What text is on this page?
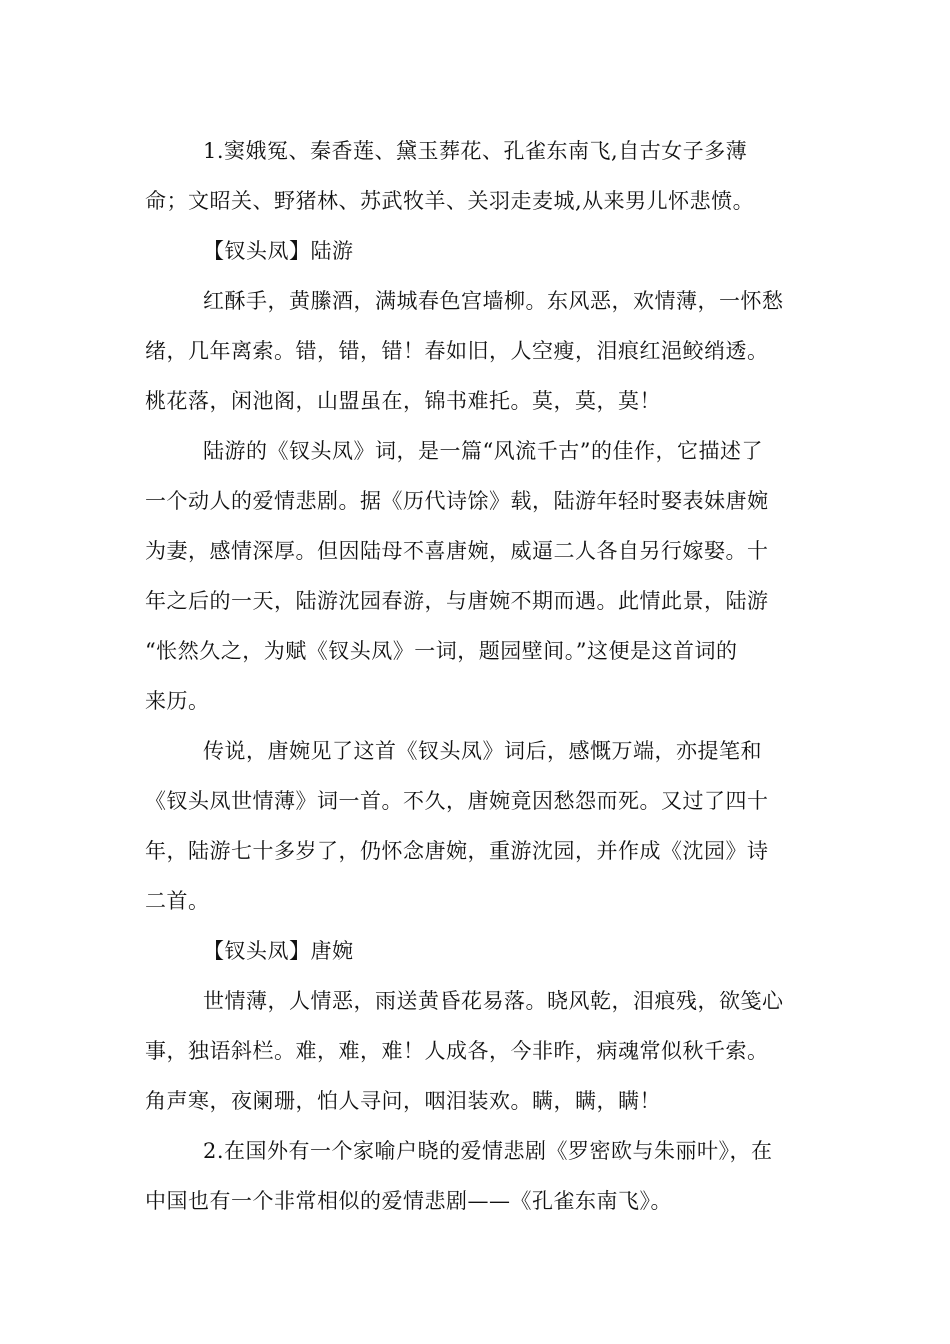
1.窦娥冤、秦香莲、黛玉葬花、孔雀东南飞,自古女子多薄
命；文昭关、野猪林、苏武牧羊、关羽走麦城,从来男儿怀悲愤。
【钗头凤】陆游
红酥手，黄縢酒，满城春色宫墙柳。东风恶，欢情薄，一怀愁
绪，几年离索。错，错，错！春如旧，人空瘦，泪痕红浥鲛绡透。
桃花落，闲池阁，山盟虽在，锦书难托。莫，莫，莫！
陆游的《钗头凤》词，是一篇“风流千古”的佳作，它描述了
一个动人的爱情悲剧。据《历代诗馀》载，陆游年轻时娶表妹唐婉
为妻，感情深厚。但因陆母不喜唐婉，威逼二人各自另行嫁娶。十
年之后的一天，陆游沈园春游，与唐婉不期而遇。此情此景，陆游
“怅然久之，为赋《钗头凤》一词，题园壁间。”这便是这首词的
来历。
传说，唐婉见了这首《钗头凤》词后，感慨万端，亦提笔和
《钗头凤世情薄》词一首。不久，唐婉竟因愁怨而死。又过了四十
年，陆游七十多岁了，仍怀念唐婉，重游沈园，并作成《沈园》诗
二首。
【钗头凤】唐婉
世情薄，人情恶，雨送黄昏花易落。晓风乾，泪痕残，欲笺心
事，独语斜栏。难，难，难！人成各，今非昨，病魂常似秋千索。
角声寒，夜阑珊，怕人寻问，咽泪装欢。瞒，瞒，瞒！
2.在国外有一个家喻户晓的爱情悲剧《罗密欧与朱丽叶》，在
中国也有一个非常相似的爱情悲剧——《孔雀东南飞》。
